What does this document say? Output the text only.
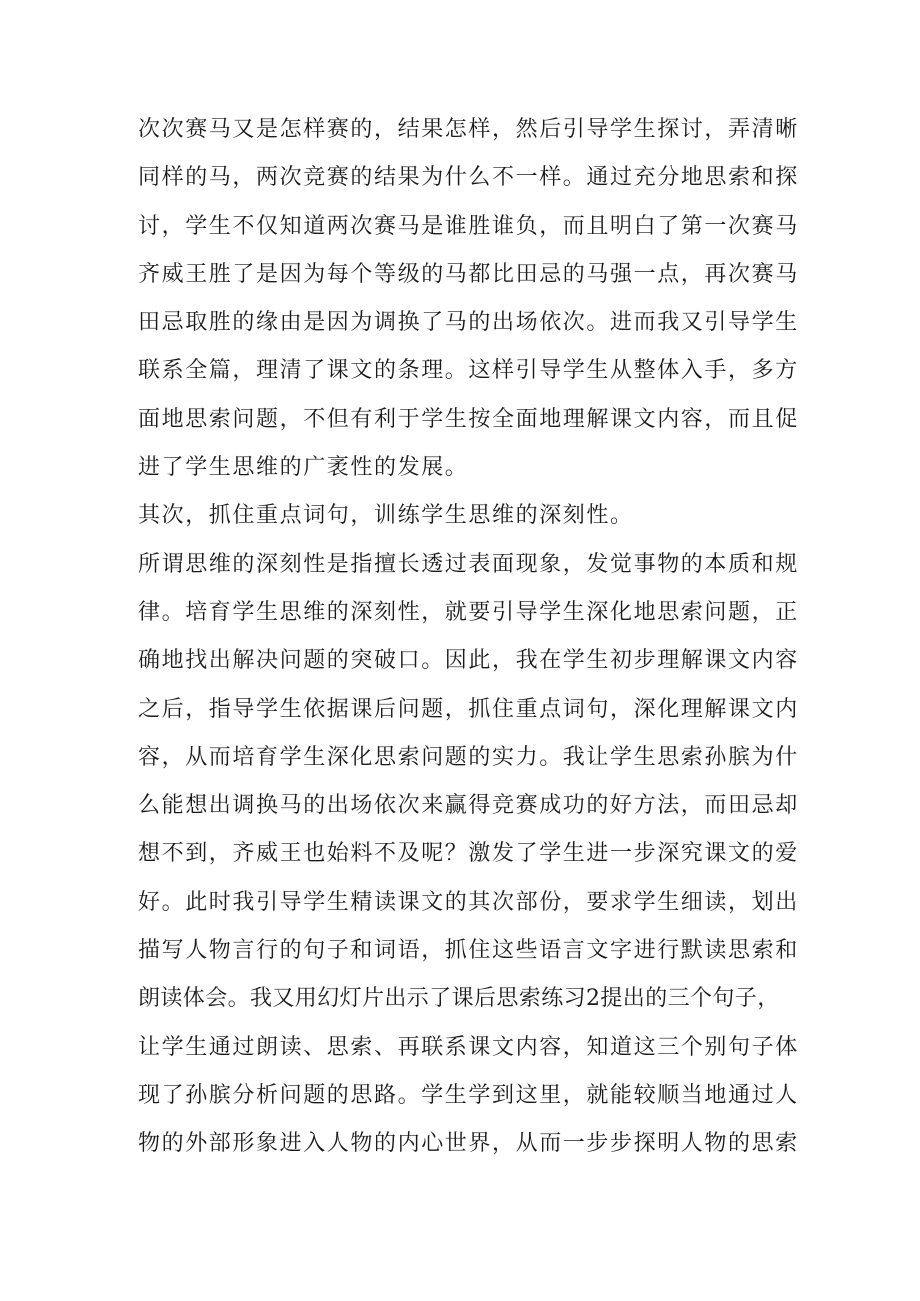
次次赛马又是怎样赛的，结果怎样，然后引导学生探讨，弄清晰
同样的马，两次竞赛的结果为什么不一样。通过充分地思索和探
讨，学生不仅知道两次赛马是谁胜谁负，而且明白了第一次赛马
齐威王胜了是因为每个等级的马都比田忌的马强一点，再次赛马
田忌取胜的缘由是因为调换了马的出场依次。进而我又引导学生
联系全篇，理清了课文的条理。这样引导学生从整体入手，多方
面地思索问题，不但有利于学生按全面地理解课文内容，而且促
进了学生思维的广袤性的发展。
其次，抓住重点词句，训练学生思维的深刻性。
所谓思维的深刻性是指擅长透过表面现象，发觉事物的本质和规
律。培育学生思维的深刻性，就要引导学生深化地思索问题，正
确地找出解决问题的突破口。因此，我在学生初步理解课文内容
之后，指导学生依据课后问题，抓住重点词句，深化理解课文内
容，从而培育学生深化思索问题的实力。我让学生思索孙膑为什
么能想出调换马的出场依次来赢得竞赛成功的好方法，而田忌却
想不到，齐威王也始料不及呢？激发了学生进一步深究课文的爱
好。此时我引导学生精读课文的其次部份，要求学生细读，划出
描写人物言行的句子和词语，抓住这些语言文字进行默读思索和
朗读体会。我又用幻灯片出示了课后思索练习2提出的三个句子，
让学生通过朗读、思索、再联系课文内容，知道这三个别句子体
现了孙膑分析问题的思路。学生学到这里，就能较顺当地通过人
物的外部形象进入人物的内心世界，从而一步步探明人物的思索
